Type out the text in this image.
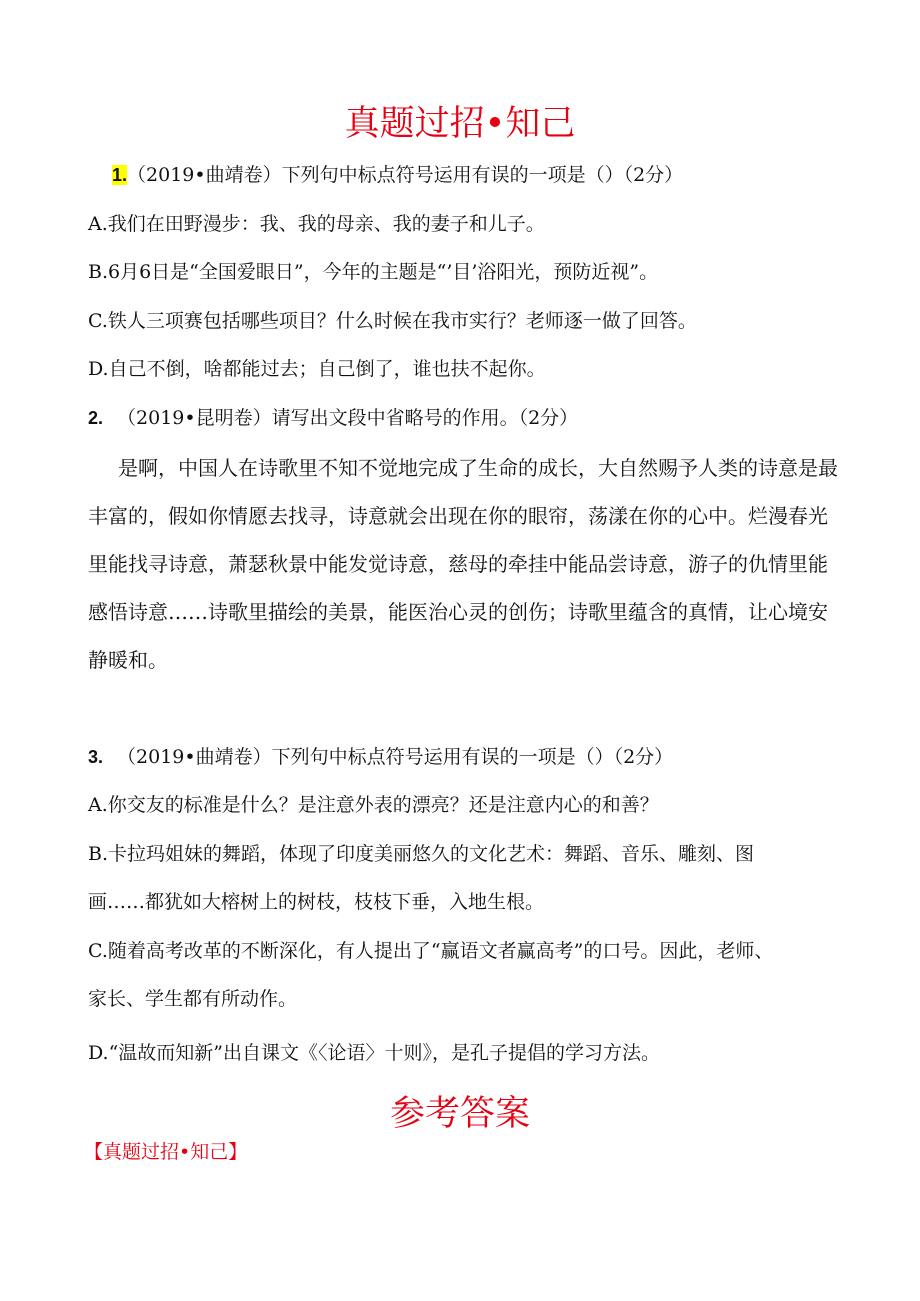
真题过招•知己
1.（2019•曲靖卷）下列句中标点符号运用有误的一项是（）（2分）
A.我们在田野漫步：我、我的母亲、我的妻子和儿子。
B.6月6日是“全国爱眼日”，今年的主题是“’目’浴阳光，预防近视”。
C.铁人三项赛包括哪些项目？什么时候在我市实行？老师逐一做了回答。
D.自己不倒，啥都能过去；自己倒了，谁也扶不起你。
2. （2019•昆明卷）请写出文段中省略号的作用。（2分）
是啊，中国人在诗歌里不知不觉地完成了生命的成长，大自然赐予人类的诗意是最
丰富的，假如你情愿去找寻，诗意就会出现在你的眼帘，荡漾在你的心中。烂漫春光
里能找寻诗意，萧瑟秋景中能发觉诗意，慈母的牵挂中能品尝诗意，游子的仇情里能
感悟诗意……诗歌里描绘的美景，能医治心灵的创伤；诗歌里蕴含的真情，让心境安
静暖和。
3. （2019•曲靖卷）下列句中标点符号运用有误的一项是（）（2分）
A.你交友的标准是什么？是注意外表的漂亮？还是注意内心的和善？
B.卡拉玛姐妹的舞蹈，体现了印度美丽悠久的文化艺术：舞蹈、音乐、雕刻、图
画……都犹如大榕树上的树枝，枝枝下垂，入地生根。
C.随着高考改革的不断深化，有人提出了“赢语文者赢高考”的口号。因此，老师、
家长、学生都有所动作。
D.“温故而知新”出自课文《〈论语〉十则》，是孔子提倡的学习方法。
参考答案
【真题过招•知己】
